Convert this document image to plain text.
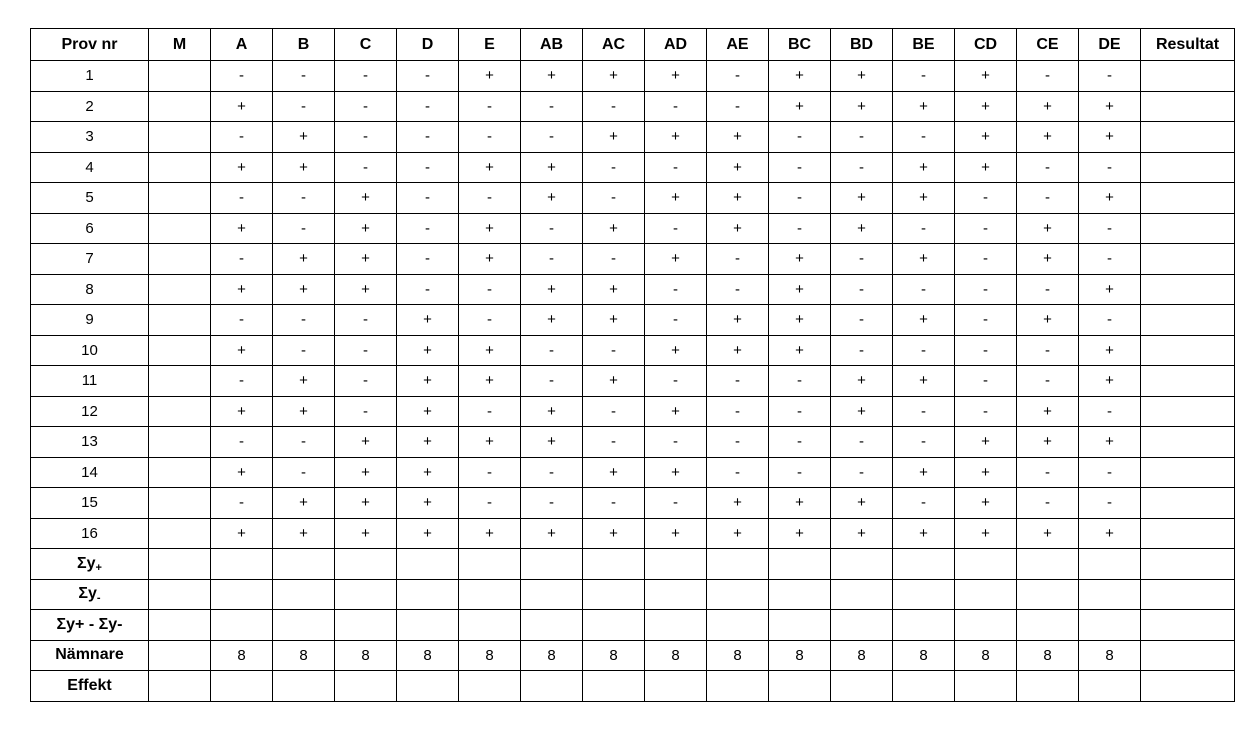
Prov nr	M	A	B	C	D	E	AB	AC	AD	AE	BC	BD	BE	CD	CE	DE	Resultat
1		-	-	-	-	+	+	+	+	-	+	+	-	+	-	-	
2		+	-	-	-	-	-	-	-	-	+	+	+	+	+	+	
3		-	+	-	-	-	-	+	+	+	-	-	-	+	+	+	
4		+	+	-	-	+	+	-	-	+	-	-	+	+	-	-	
5		-	-	+	-	-	+	-	+	+	-	+	+	-	-	+	
6		+	-	+	-	+	-	+	-	+	-	+	-	-	+	-	
7		-	+	+	-	+	-	-	+	-	+	-	+	-	+	-	
8		+	+	+	-	-	+	+	-	-	+	-	-	-	-	+	
9		-	-	-	+	-	+	+	-	+	+	-	+	-	+	-	
10		+	-	-	+	+	-	-	+	+	+	-	-	-	-	+	
11		-	+	-	+	+	-	+	-	-	-	+	+	-	-	+	
12		+	+	-	+	-	+	-	+	-	-	+	-	-	+	-	
13		-	-	+	+	+	+	-	-	-	-	-	-	+	+	+	
14		+	-	+	+	-	-	+	+	-	-	-	+	+	-	-	
15		-	+	+	+	-	-	-	-	+	+	+	-	+	-	-	
16		+	+	+	+	+	+	+	+	+	+	+	+	+	+	+	
Σy+																	
Σy-																	
Σy+ - Σy-																	
Nämnare		8	8	8	8	8	8	8	8	8	8	8	8	8	8	8	
Effekt																	
